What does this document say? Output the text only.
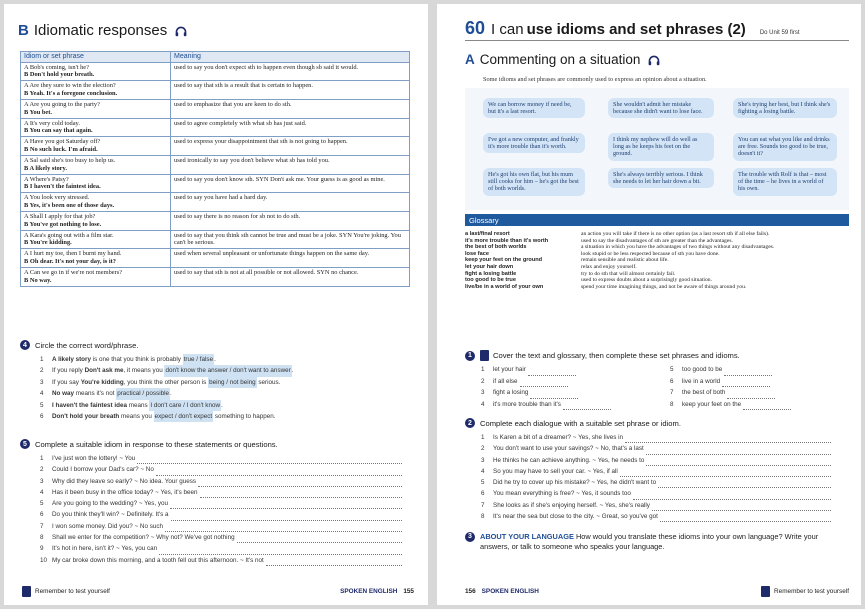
B Idiomatic responses
Idiom or set phrase	Meaning

A Bob's coming, isn't he?
B Don't hold your breath.	used to say you don't expect sth to happen even though sb said it would.

A Are they sure to win the election?
B Yeah. It's a foregone conclusion.	used to say that sth is a result that is certain to happen.

A Are you going to the party?
B You bet.	used to emphasize that you are keen to do sth.

A It's very cold today.
B You can say that again.	used to agree completely with what sb has just said.

A Have you got Saturday off?
B No such luck. I'm afraid.	used to express your disappointment that sth is not going to happen.

A Sal said she's too busy to help us.
B A likely story.	used ironically to say you don't believe what sb has told you.

A Where's Patsy?
B I haven't the faintest idea.	used to say you don't know sth. SYN Don't ask me. Your guess is as good as mine.

A You look very stressed.
B Yes, it's been one of those days.	used to say you have had a hard day.

A Shall I apply for that job?
B You've got nothing to lose.	used to say there is no reason for sb not to do sth.

A Kara's going out with a film star.
B You're kidding.	used to say that you think sth cannot be true and must be a joke. SYN You're joking. You can't be serious.

A I hurt my toe, then I burnt my hand.
B Oh dear. It's not your day, is it?	used when several unpleasant or unfortunate things happen on the same day.

A Can we go in if we're not members?
B No way.	used to say that sth is not at all possible or not allowed. SYN no chance.
4	Circle the correct word/phrase.
1	A likely story is one that you think is probably true / false .
2	If you reply Don't ask me , it means you don't know the answer / don't want to answer .
3	If you say You're kidding , you think the other person is being / not being serious.
4	No way means it's not practical / possible .
5	I haven't the faintest idea means I don't care / I don't know .
6	Don't hold your breath means you expect / don't expect something to happen.
5	Complete a suitable idiom in response to these statements or questions.
1	I've just won the lottery! ~ You
2	Could I borrow your Dad's car? ~ No
3	Why did they leave so early? ~ No idea. Your guess
4	Has it been busy in the office today? ~ Yes, it's been
5	Are you going to the wedding? ~ Yes, you
6	Do you think they'll win? ~ Definitely. It's a
7	I won some money. Did you? ~ No such
8	Shall we enter for the competition? ~ Why not? We've got nothing
9	It's hot in here, isn't it? ~ Yes, you can
10 My car broke down this morning, and a tooth fell out this afternoon. ~ It's not
Remember to test yourself	SPOKEN ENGLISH 155
60 I can use idioms and set phrases (2) Do Unit 59 first
A Commenting on a situation
Some idioms and set phrases are commonly used to express an opinion about a situation.
We can borrow money if need be, but it's a last resort.
She wouldn't admit her mistake because she didn't want to lose face.
She's trying her best, but I think she's fighting a losing battle.
I've got a new computer, and frankly it's more trouble than it's worth.
I think my nephew will do well as long as he keeps his feet on the ground.
You can eat what you like and drinks are free. Sounds too good to be true, doesn't it?
He's got his own flat, but his mum still cooks for him – he's got the best of both worlds.
She's always terribly serious. I think she needs to let her hair down a bit.
The trouble with Rolf is that – most of the time – he lives in a world of his own.
Glossary
a last/final resort	an action you will take if there is no other option (as a last resort sth if all else fails).
it's more trouble than it's worth	used to say the disadvantages of sth are greater than the advantages.
the best of both worlds	a situation in which you have the advantages of two things without any disadvantages.
lose face	look stupid or be less respected because of sth you have done.
keep your feet on the ground	remain sensible and realistic about life.
let your hair down	relax and enjoy yourself.
fight a losing battle	try to do sth that will almost certainly fail.
too good to be true	used to express doubts about a surprisingly good situation.
live/be in a world of your own	spend your time imagining things, and not be aware of things around you.
1	Cover the text and glossary, then complete these set phrases and idioms.
1	let your hair
2	if all else
3	fight a losing
4	it's more trouble than it's
5	too good to be
6	live in a world
7	the best of both
8	keep your feet on the
2	Complete each dialogue with a suitable set phrase or idiom.
1	Is Karen a bit of a dreamer? ~ Yes, she lives in
2	You don't want to use your savings? ~ No, that's a last
3	He thinks he can achieve anything. ~ Yes, he needs to
4	So you may have to sell your car. ~ Yes, if all
5	Did he try to cover up his mistake? ~ Yes, he didn't want to
6	You mean everything is free? ~ Yes, it sounds too
7	She looks as if she's enjoying herself. ~ Yes, she's really
8	It's near the sea but close to the city. ~ Great, so you've got
3	ABOUT YOUR LANGUAGE How would you translate these idioms into your own language? Write your answers, or talk to someone who speaks your language.
156 SPOKEN ENGLISH	Remember to test yourself
